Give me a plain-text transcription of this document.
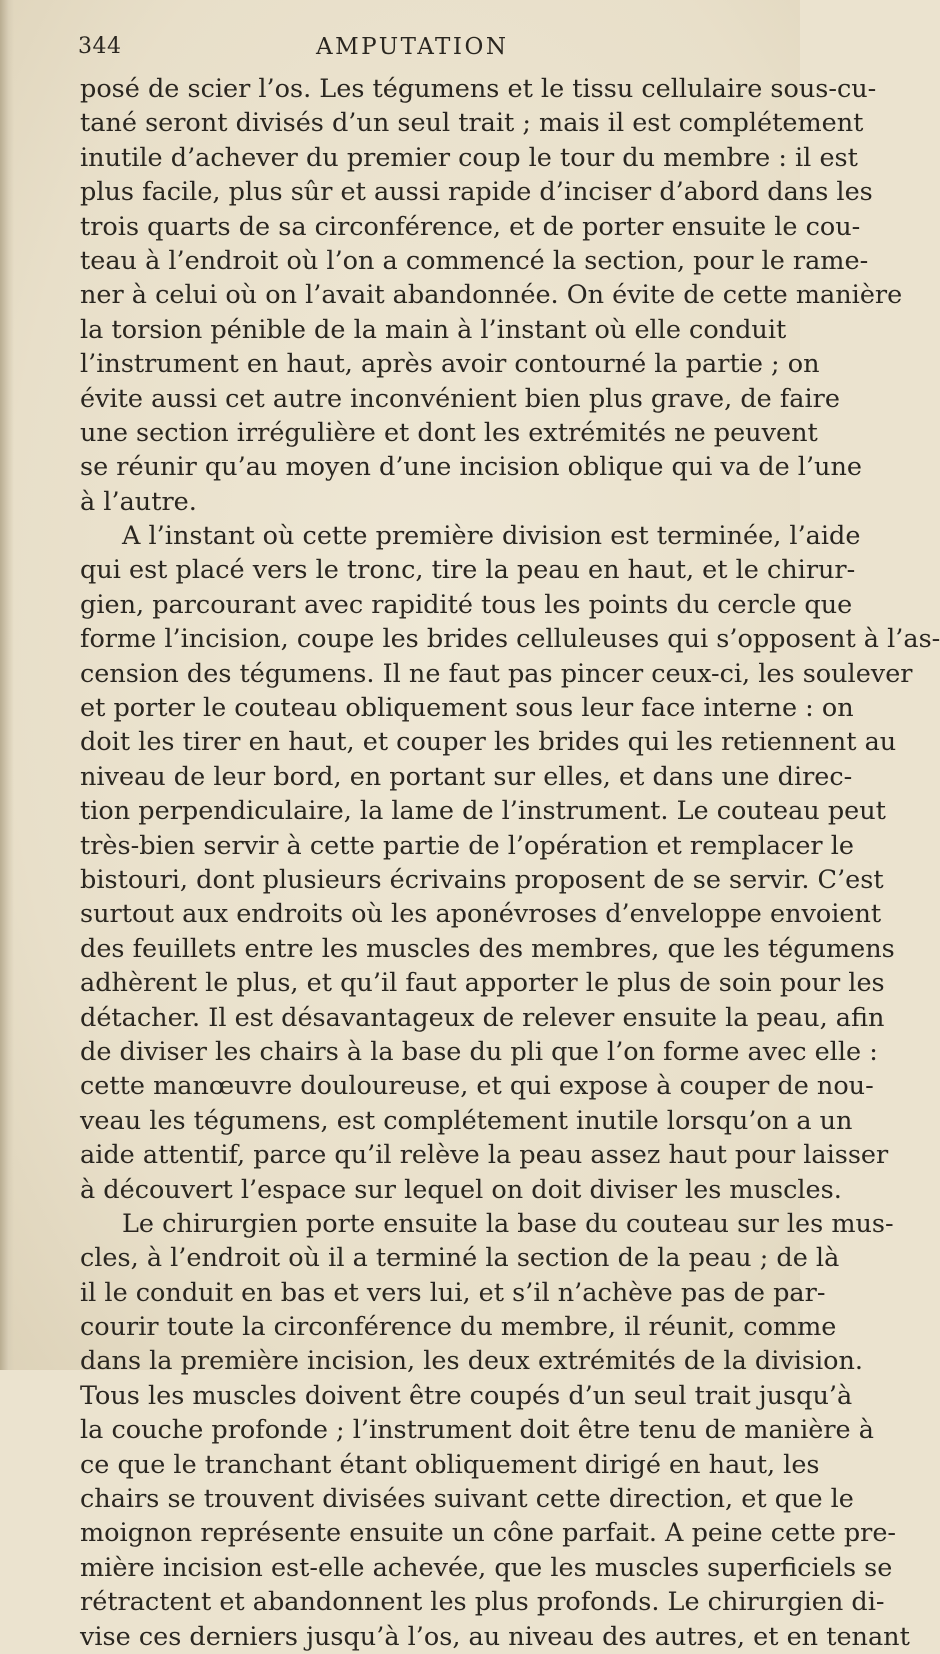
344	AMPUTATION
posé de scier l’os. Les tégumens et le tissu cellulaire sous-cu-
tané seront divisés d’un seul trait ; mais il est complétement
inutile d’achever du premier coup le tour du membre : il est
plus facile, plus sûr et aussi rapide d’inciser d’abord dans les
trois quarts de sa circonférence, et de porter ensuite le cou-
teau à l’endroit où l’on a commencé la section, pour le rame-
ner à celui où on l’avait abandonnée. On évite de cette manière
la torsion pénible de la main à l’instant où elle conduit
l’instrument en haut, après avoir contourné la partie ; on
évite aussi cet autre inconvénient bien plus grave, de faire
une section irrégulière et dont les extrémités ne peuvent
se réunir qu’au moyen d’une incision oblique qui va de l’une
à l’autre.
A l’instant où cette première division est terminée, l’aide
qui est placé vers le tronc, tire la peau en haut, et le chirur-
gien, parcourant avec rapidité tous les points du cercle que
forme l’incision, coupe les brides celluleuses qui s’opposent à l’as-
cension des tégumens. Il ne faut pas pincer ceux-ci, les soulever
et porter le couteau obliquement sous leur face interne : on
doit les tirer en haut, et couper les brides qui les retiennent au
niveau de leur bord, en portant sur elles, et dans une direc-
tion perpendiculaire, la lame de l’instrument. Le couteau peut
très-bien servir à cette partie de l’opération et remplacer le
bistouri, dont plusieurs écrivains proposent de se servir. C’est
surtout aux endroits où les aponévroses d’enveloppe envoient
des feuillets entre les muscles des membres, que les tégumens
adhèrent le plus, et qu’il faut apporter le plus de soin pour les
détacher. Il est désavantageux de relever ensuite la peau, afin
de diviser les chairs à la base du pli que l’on forme avec elle :
cette manœuvre douloureuse, et qui expose à couper de nou-
veau les tégumens, est complétement inutile lorsqu’on a un
aide attentif, parce qu’il relève la peau assez haut pour laisser
à découvert l’espace sur lequel on doit diviser les muscles.
Le chirurgien porte ensuite la base du couteau sur les mus-
cles, à l’endroit où il a terminé la section de la peau ; de là
il le conduit en bas et vers lui, et s’il n’achève pas de par-
courir toute la circonférence du membre, il réunit, comme
dans la première incision, les deux extrémités de la division.
Tous les muscles doivent être coupés d’un seul trait jusqu’à
la couche profonde ; l’instrument doit être tenu de manière à
ce que le tranchant étant obliquement dirigé en haut, les
chairs se trouvent divisées suivant cette direction, et que le
moignon représente ensuite un cône parfait. A peine cette pre-
mière incision est-elle achevée, que les muscles superficiels se
rétractent et abandonnent les plus profonds. Le chirurgien di-
vise ces derniers jusqu’à l’os, au niveau des autres, et en tenant
